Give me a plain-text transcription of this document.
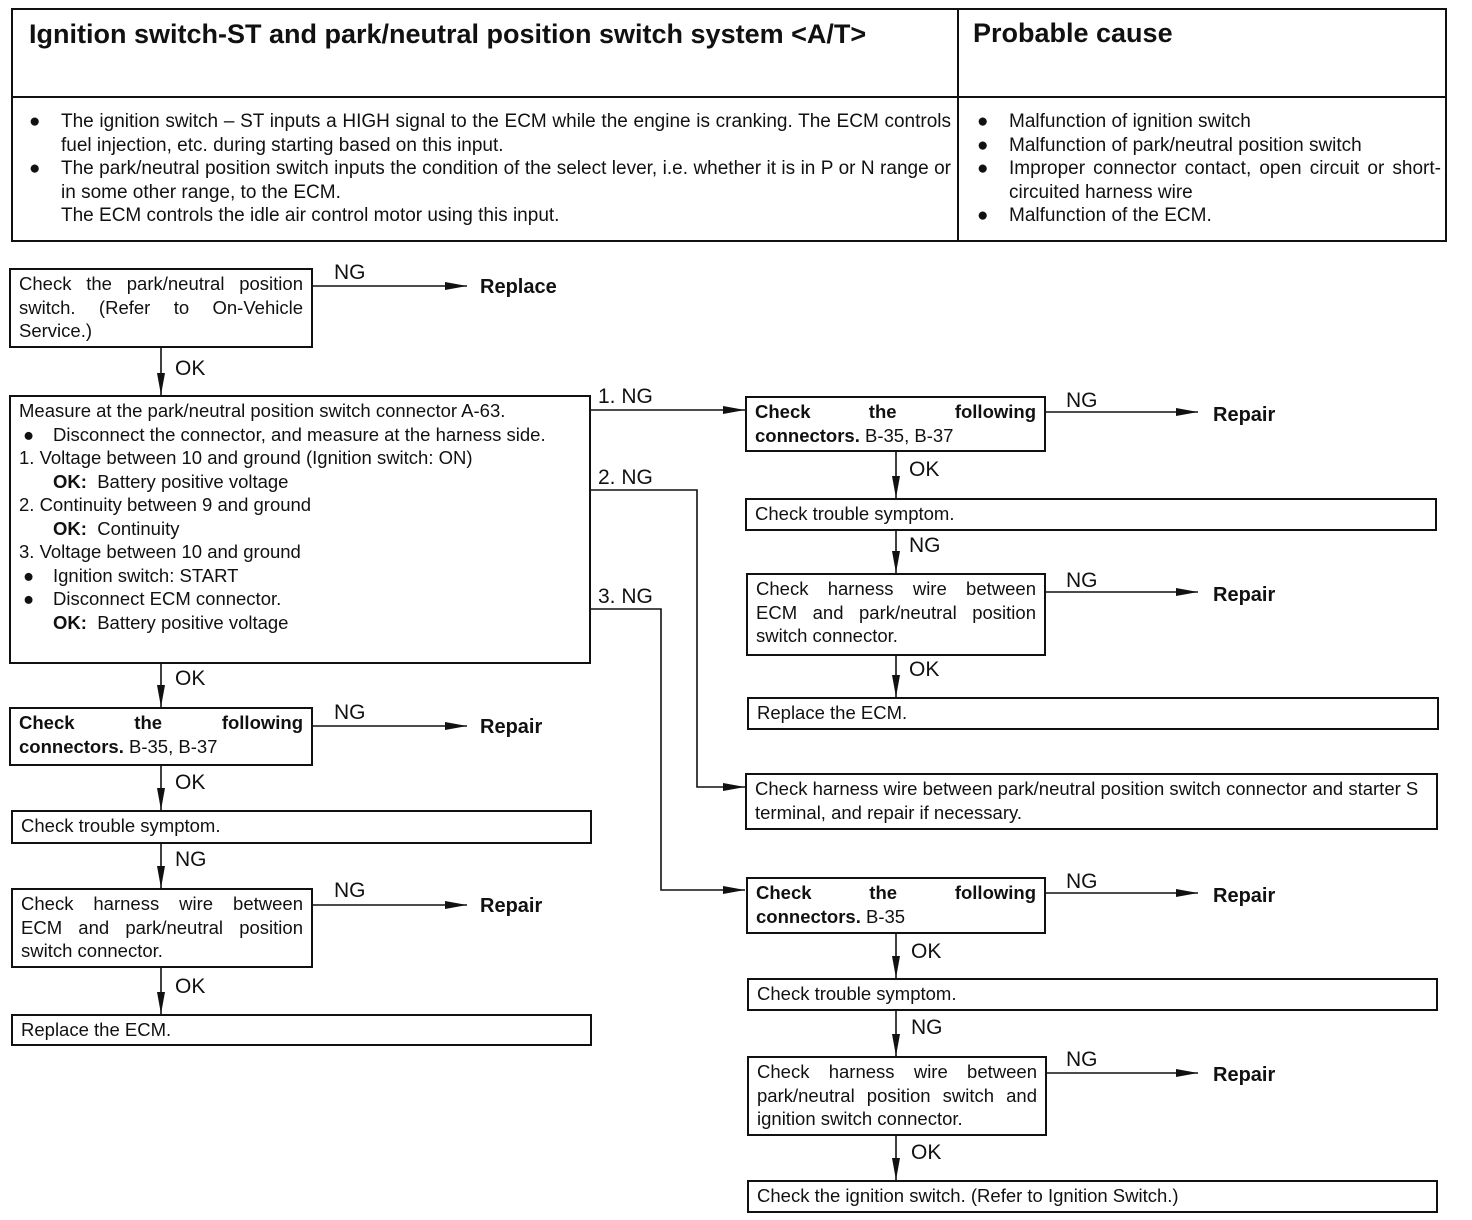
Ignition switch-ST and park/neutral position switch system <A/T>	Probable cause
● The ignition switch – ST inputs a HIGH signal to the ECM while the engine is cranking. The ECM controls fuel injection, etc. during starting based on this input.

● The park/neutral position switch inputs the condition of the select lever, i.e. whether it is in P or N range or in some other range, to the ECM.

The ECM controls the idle air control motor using this input.

● Malfunction of ignition switch

● Malfunction of park/neutral position switch

● Improper connector contact, open circuit or short-circuited harness wire

● Malfunction of the ECM.

Check the park/neutral position switch. (Refer to On-Vehicle Service.)
NG
Replace
OK
Measure at the park/neutral position switch connector A-63.
● Disconnect the connector, and measure at the harness side.
1. Voltage between 10 and ground (Ignition switch: ON)
OK: Battery positive voltage
2. Continuity between 9 and ground
OK: Continuity
3. Voltage between 10 and ground
● Ignition switch: START
● Disconnect ECM connector.
OK: Battery positive voltage
1. NG
2. NG
3. NG
OK
Check the following connectors. B-35, B-37
NG
Repair
OK
Check trouble symptom.
NG
Check harness wire between ECM and park/neutral position switch connector.
NG
Repair
OK
Replace the ECM.
Check the following connectors. B-35, B-37
NG
Repair
OK
Check trouble symptom.
NG
Check harness wire between ECM and park/neutral position switch connector.
NG
Repair
OK
Replace the ECM.
Check harness wire between park/neutral position switch connector and starter S terminal, and repair if necessary.
Check the following connectors. B-35
NG
Repair
OK
Check trouble symptom.
NG
Check harness wire between park/neutral position switch and ignition switch connector.
NG
Repair
OK
Check the ignition switch. (Refer to Ignition Switch.)
